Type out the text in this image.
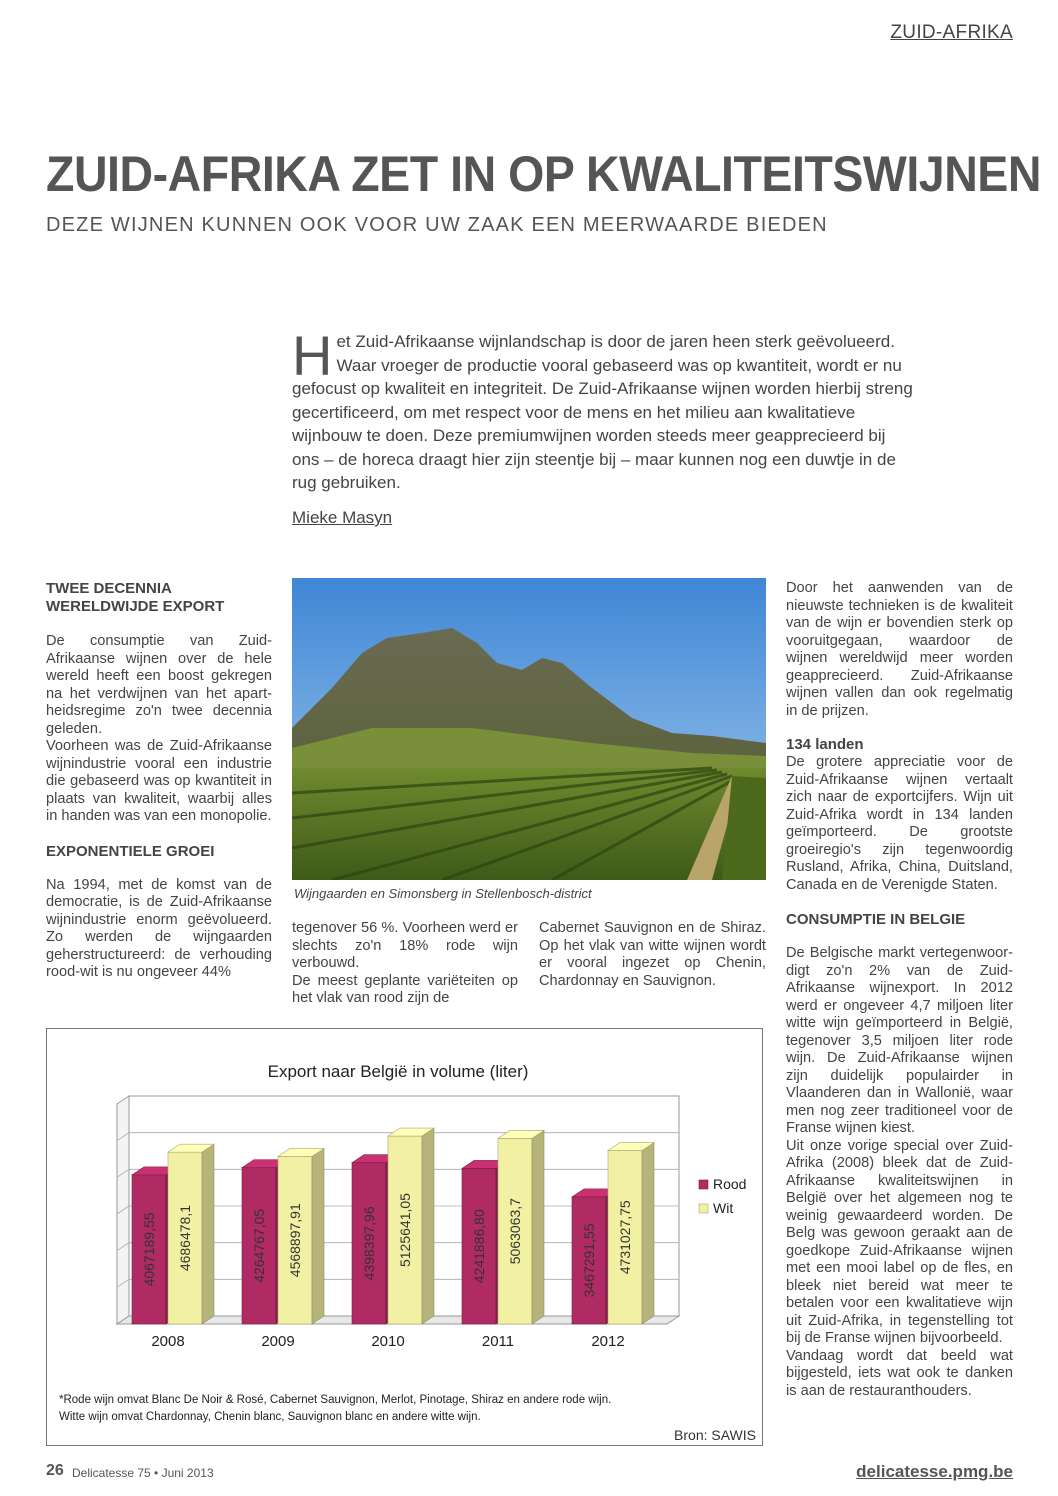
ZUID-AFRIKA
ZUID-AFRIKA ZET IN OP KWALITEITSWIJNEN
DEZE WIJNEN KUNNEN OOK VOOR UW ZAAK EEN MEERWAARDE BIEDEN
Het Zuid-Afrikaanse wijnlandschap is door de jaren heen sterk geëvolueerd. Waar vroeger de productie vooral gebaseerd was op kwantiteit, wordt er nu gefocust op kwaliteit en integriteit. De Zuid-Afrikaanse wijnen worden hierbij streng gecertificeerd, om met respect voor de mens en het milieu aan kwalitatieve wijnbouw te doen. Deze premiumwijnen worden steeds meer geapprecieerd bij ons – de horeca draagt hier zijn steentje bij – maar kunnen nog een duwtje in de rug gebruiken.
Mieke Masyn
TWEE DECENNIA WERELDWIJDE EXPORT

De consumptie van Zuid-Afrikaanse wijnen over de hele wereld heeft een boost gekregen na het verdwijnen van het apartheidsregime zo'n twee decennia geleden.

Voorheen was de Zuid-Afrikaanse wijnindustrie vooral een industrie die gebaseerd was op kwantiteit in plaats van kwaliteit, waarbij alles in handen was van een monopolie.

EXPONENTIELE GROEI

Na 1994, met de komst van de democratie, is de Zuid-Afrikaanse wijnindustrie enorm geëvolueerd. Zo werden de wijngaarden geherstructureerd: de verhouding rood-wit is nu ongeveer 44%

Wijngaarden en Simonsberg in Stellenbosch-district

tegenover 56 %. Voorheen werd er slechts zo'n 18% rode wijn verbouwd.

De meest geplante variëteiten op het vlak van rood zijn de

Cabernet Sauvignon en de Shiraz. Op het vlak van witte wijnen wordt er vooral ingezet op Chenin, Chardonnay en Sauvignon.

Door het aanwenden van de nieuwste technieken is de kwaliteit van de wijn er bovendien sterk op vooruitgegaan, waardoor de wijnen wereldwijd meer worden geapprecieerd. Zuid-Afrikaanse wijnen vallen dan ook regelmatig in de prijzen.

134 landen

De grotere appreciatie voor de Zuid-Afrikaanse wijnen vertaalt zich naar de exportcijfers. Wijn uit Zuid-Afrika wordt in 134 landen geïmporteerd. De grootste groeiregio's zijn tegenwoordig Rusland, Afrika, China, Duitsland, Canada en de Verenigde Staten.

CONSUMPTIE IN BELGIE

De Belgische markt vertegenwoordigt zo'n 2% van de Zuid-Afrikaanse wijnexport. In 2012 werd er ongeveer 4,7 miljoen liter witte wijn geïmporteerd in België, tegenover 3,5 miljoen liter rode wijn. De Zuid-Afrikaanse wijnen zijn duidelijk populairder in Vlaanderen dan in Wallonië, waar men nog zeer traditioneel voor de Franse wijnen kiest.

Uit onze vorige special over Zuid-Afrika (2008) bleek dat de Zuid-Afrikaanse kwaliteitswijnen in België over het algemeen nog te weinig gewaardeerd worden. De Belg was gewoon geraakt aan de goedkope Zuid-Afrikaanse wijnen met een mooi label op de fles, en bleek niet bereid wat meer te betalen voor een kwalitatieve wijn uit Zuid-Afrika, in tegenstelling tot bij de Franse wijnen bijvoorbeeld.

Vandaag wordt dat beeld wat bijgesteld, iets wat ook te danken is aan de restauranthouders.

Export naar België in volume (liter)
4067189,55 4686478,1
2008
4264767,05 4568897,91
2009
4398397,96 5125641,05
2010
4241886,80 5063063,7
2011
3467291,55 4731027,75
2012
Rood
Wit
*Rode wijn omvat Blanc De Noir & Rosé, Cabernet Sauvignon, Merlot, Pinotage, Shiraz en andere rode wijn.
Witte wijn omvat Chardonnay, Chenin blanc, Sauvignon blanc en andere witte wijn.
Bron: SAWIS
26 Delicatesse 75 • Juni 2013	delicatesse.pmg.be
